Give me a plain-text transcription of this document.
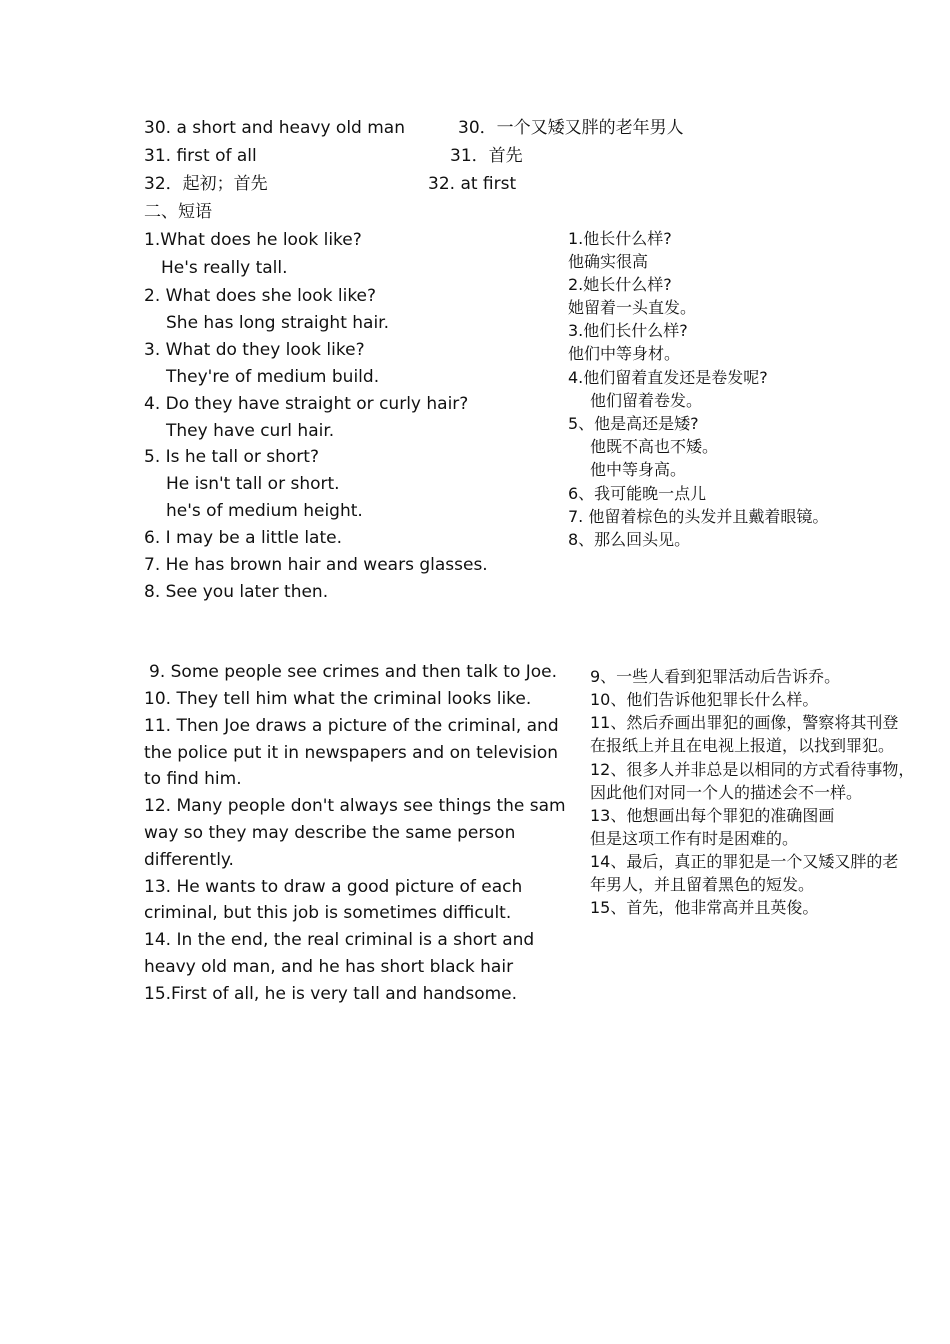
30. a short and heavy old man	30．一个又矮又胖的老年男人
31. first of all	31．首先
32．起初；首先	32. at first
二、短语
1.What does he look like?
He's really tall.
2. What does she look like?
She has long straight hair.
3. What do they look like?
They're of medium build.
4. Do they have straight or curly hair?
They have curl hair.
5. Is he tall or short?
He isn't tall or short.
he's of medium height.
6. I may be a little late.
7. He has brown hair and wears glasses.
8. See you later then.
1.他长什么样?
他确实很高
2.她长什么样?
她留着一头直发。
3.他们长什么样?
他们中等身材。
4.他们留着直发还是卷发呢?
他们留着卷发。
5、他是高还是矮?
他既不高也不矮。
他中等身高。
6、我可能晚一点儿
7. 他留着棕色的头发并且戴着眼镜。
8、那么回头见。
9. Some people see crimes and then talk to Joe.
10. They tell him what the criminal looks like.
11. Then Joe draws a picture of the criminal, and
the police put it in newspapers and on television
to find him.
12. Many people don't always see things the sam
way so they may describe the same person
differently.
13. He wants to draw a good picture of each
criminal, but this job is sometimes difficult.
14. In the end, the real criminal is a short and
heavy old man, and he has short black hair
15.First of all, he is very tall and handsome.
9、一些人看到犯罪活动后告诉乔。
10、他们告诉他犯罪长什么样。
11、然后乔画出罪犯的画像，警察将其刊登
在报纸上并且在电视上报道，以找到罪犯。
12、很多人并非总是以相同的方式看待事物，
因此他们对同一个人的描述会不一样。
13、他想画出每个罪犯的准确图画
但是这项工作有时是困难的。
14、最后，真正的罪犯是一个又矮又胖的老
年男人，并且留着黑色的短发。
15、首先，他非常高并且英俊。
